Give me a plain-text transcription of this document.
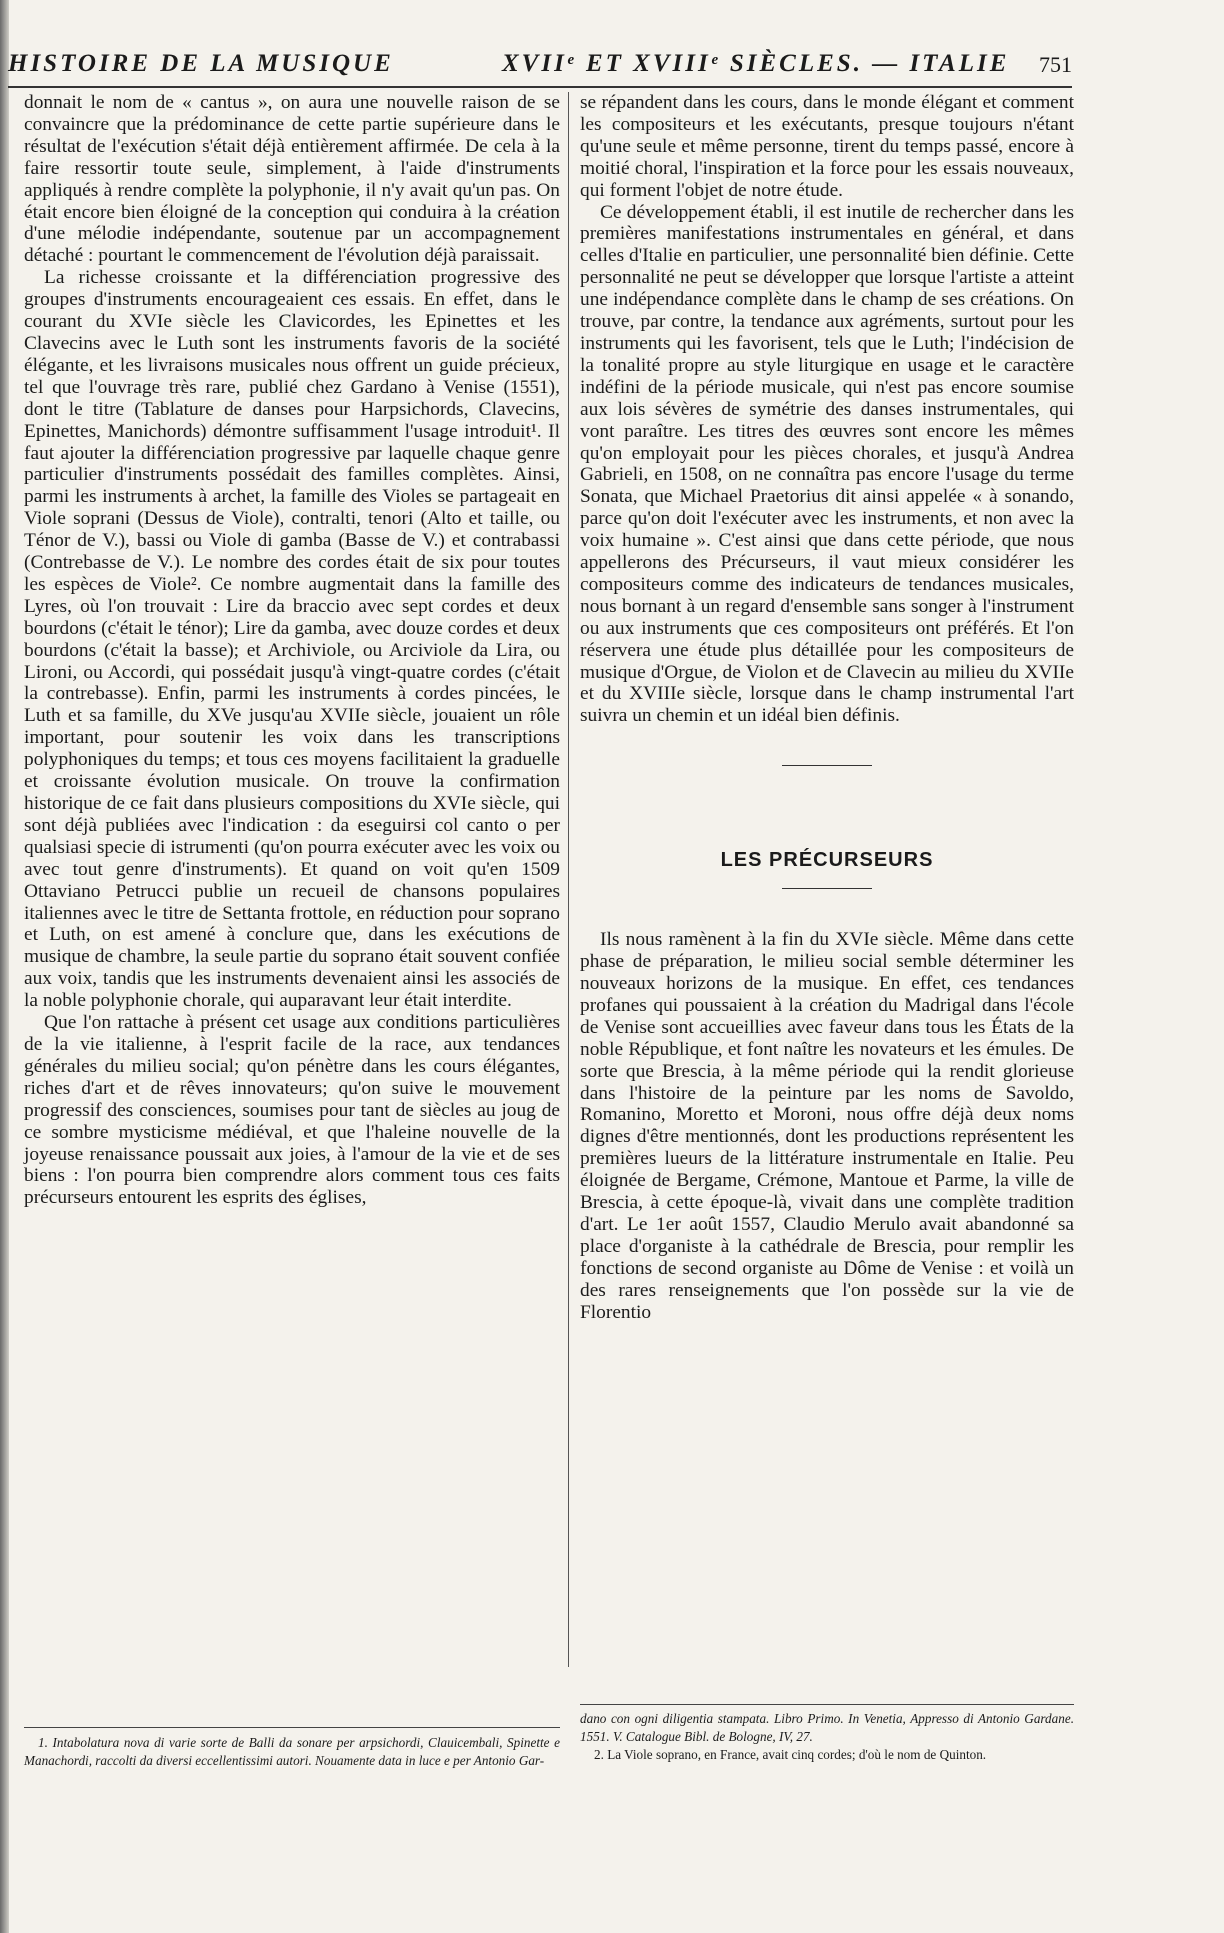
HISTOIRE DE LA MUSIQUE	XVIIᵉ ET XVIIIᵉ SIÈCLES. — ITALIE 751

donnait le nom de « cantus », on aura une nouvelle raison de se convaincre que la prédominance de cette partie supérieure dans le résultat de l'exécution s'était déjà entièrement affirmée. De cela à la faire ressortir toute seule, simplement, à l'aide d'instruments appliqués à rendre complète la polyphonie, il n'y avait qu'un pas. On était encore bien éloigné de la conception qui conduira à la création d'une mélodie indépendante, soutenue par un accompagnement détaché : pourtant le commencement de l'évolution déjà paraissait.

La richesse croissante et la différenciation progressive des groupes d'instruments encourageaient ces essais. En effet, dans le courant du XVIe siècle les Clavicordes, les Epinettes et les Clavecins avec le Luth sont les instruments favoris de la société élégante, et les livraisons musicales nous offrent un guide précieux, tel que l'ouvrage très rare, publié chez Gardano à Venise (1551), dont le titre (Tablature de danses pour Harpsichords, Clavecins, Epinettes, Manichords) démontre suffisamment l'usage introduit¹. Il faut ajouter la différenciation progressive par laquelle chaque genre particulier d'instruments possédait des familles complètes. Ainsi, parmi les instruments à archet, la famille des Violes se partageait en Viole soprani (Dessus de Viole), contralti, tenori (Alto et taille, ou Ténor de V.), bassi ou Viole di gamba (Basse de V.) et contrabassi (Contrebasse de V.). Le nombre des cordes était de six pour toutes les espèces de Viole². Ce nombre augmentait dans la famille des Lyres, où l'on trouvait : Lire da braccio avec sept cordes et deux bourdons (c'était le ténor); Lire da gamba, avec douze cordes et deux bourdons (c'était la basse); et Archiviole, ou Arciviole da Lira, ou Lironi, ou Accordi, qui possédait jusqu'à vingt-quatre cordes (c'était la contrebasse). Enfin, parmi les instruments à cordes pincées, le Luth et sa famille, du XVe jusqu'au XVIIe siècle, jouaient un rôle important, pour soutenir les voix dans les transcriptions polyphoniques du temps; et tous ces moyens facilitaient la graduelle et croissante évolution musicale. On trouve la confirmation historique de ce fait dans plusieurs compositions du XVIe siècle, qui sont déjà publiées avec l'indication : da eseguirsi col canto o per qualsiasi specie di istrumenti (qu'on pourra exécuter avec les voix ou avec tout genre d'instruments). Et quand on voit qu'en 1509 Ottaviano Petrucci publie un recueil de chansons populaires italiennes avec le titre de Settanta frottole, en réduction pour soprano et Luth, on est amené à conclure que, dans les exécutions de musique de chambre, la seule partie du soprano était souvent confiée aux voix, tandis que les instruments devenaient ainsi les associés de la noble polyphonie chorale, qui auparavant leur était interdite.

Que l'on rattache à présent cet usage aux conditions particulières de la vie italienne, à l'esprit facile de la race, aux tendances générales du milieu social; qu'on pénètre dans les cours élégantes, riches d'art et de rêves innovateurs; qu'on suive le mouvement progressif des consciences, soumises pour tant de siècles au joug de ce sombre mysticisme médiéval, et que l'haleine nouvelle de la joyeuse renaissance poussait aux joies, à l'amour de la vie et de ses biens : l'on pourra bien comprendre alors comment tous ces faits précurseurs entourent les esprits des églises,

se répandent dans les cours, dans le monde élégant et comment les compositeurs et les exécutants, presque toujours n'étant qu'une seule et même personne, tirent du temps passé, encore à moitié choral, l'inspiration et la force pour les essais nouveaux, qui forment l'objet de notre étude.

Ce développement établi, il est inutile de rechercher dans les premières manifestations instrumentales en général, et dans celles d'Italie en particulier, une personnalité bien définie. Cette personnalité ne peut se développer que lorsque l'artiste a atteint une indépendance complète dans le champ de ses créations. On trouve, par contre, la tendance aux agréments, surtout pour les instruments qui les favorisent, tels que le Luth; l'indécision de la tonalité propre au style liturgique en usage et le caractère indéfini de la période musicale, qui n'est pas encore soumise aux lois sévères de symétrie des danses instrumentales, qui vont paraître. Les titres des œuvres sont encore les mêmes qu'on employait pour les pièces chorales, et jusqu'à Andrea Gabrieli, en 1508, on ne connaîtra pas encore l'usage du terme Sonata, que Michael Praetorius dit ainsi appelée « à sonando, parce qu'on doit l'exécuter avec les instruments, et non avec la voix humaine ». C'est ainsi que dans cette période, que nous appellerons des Précurseurs, il vaut mieux considérer les compositeurs comme des indicateurs de tendances musicales, nous bornant à un regard d'ensemble sans songer à l'instrument ou aux instruments que ces compositeurs ont préférés. Et l'on réservera une étude plus détaillée pour les compositeurs de musique d'Orgue, de Violon et de Clavecin au milieu du XVIIe et du XVIIIe siècle, lorsque dans le champ instrumental l'art suivra un chemin et un idéal bien définis.

LES PRÉCURSEURS

Ils nous ramènent à la fin du XVIe siècle. Même dans cette phase de préparation, le milieu social semble déterminer les nouveaux horizons de la musique. En effet, ces tendances profanes qui poussaient à la création du Madrigal dans l'école de Venise sont accueillies avec faveur dans tous les États de la noble République, et font naître les novateurs et les émules. De sorte que Brescia, à la même période qui la rendit glorieuse dans l'histoire de la peinture par les noms de Savoldo, Romanino, Moretto et Moroni, nous offre déjà deux noms dignes d'être mentionnés, dont les productions représentent les premières lueurs de la littérature instrumentale en Italie. Peu éloignée de Bergame, Crémone, Mantoue et Parme, la ville de Brescia, à cette époque-là, vivait dans une complète tradition d'art. Le 1er août 1557, Claudio Merulo avait abandonné sa place d'organiste à la cathédrale de Brescia, pour remplir les fonctions de second organiste au Dôme de Venise : et voilà un des rares renseignements que l'on possède sur la vie de Florentio

1. Intabolatura nova di varie sorte de Balli da sonare per arpsichordi, Clauicembali, Spinette e Manachordi, raccolti da diversi eccellentissimi autori. Nouamente data in luce e per Antonio Gar-

dano con ogni diligentia stampata. Libro Primo. In Venetia, Appresso di Antonio Gardane. 1551. V. Catalogue Bibl. de Bologne, IV, 27.

2. La Viole soprano, en France, avait cinq cordes; d'où le nom de Quinton.
